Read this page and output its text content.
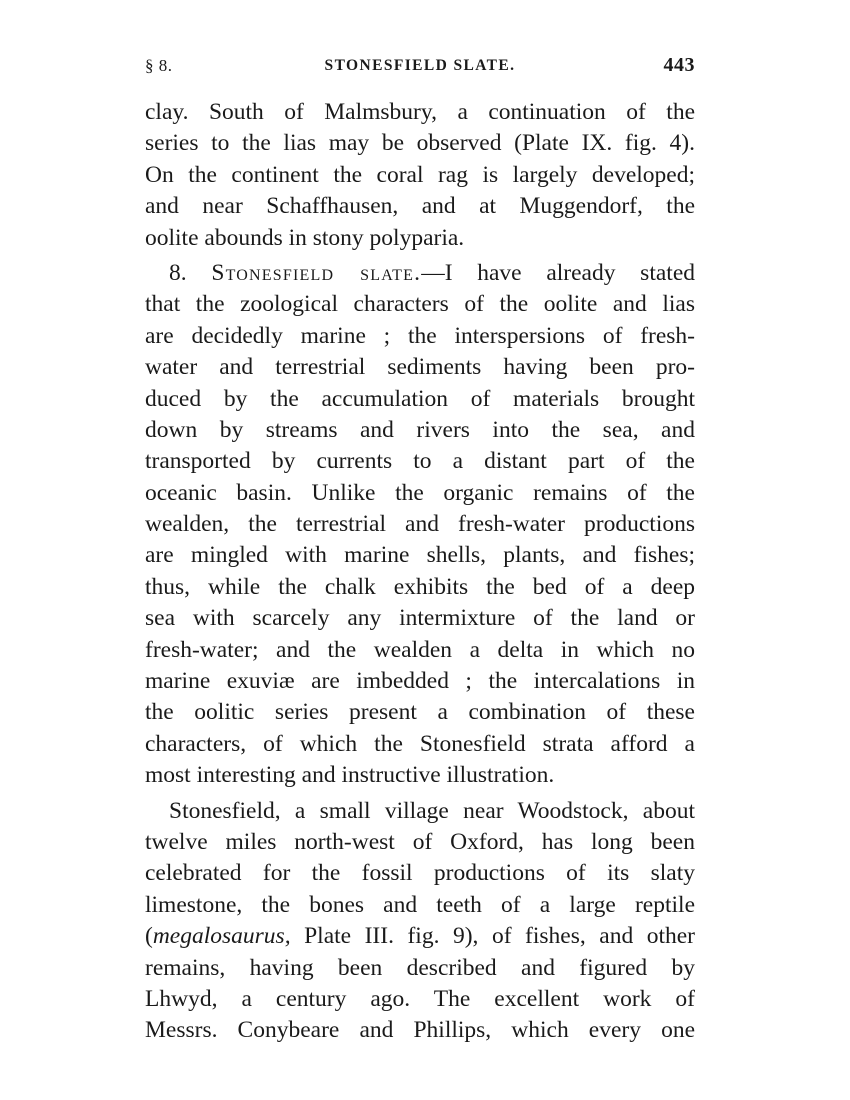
§ 8.	STONESFIELD SLATE.	443
clay. South of Malmsbury, a continuation of the
series to the lias may be observed (Plate IX. fig. 4).
On the continent the coral rag is largely developed;
and near Schaffhausen, and at Muggendorf, the
oolite abounds in stony polyparia.
8. Stonesfield slate.—I have already stated
that the zoological characters of the oolite and lias
are decidedly marine ; the interspersions of fresh-
water and terrestrial sediments having been pro-
duced by the accumulation of materials brought
down by streams and rivers into the sea, and
transported by currents to a distant part of the
oceanic basin. Unlike the organic remains of the
wealden, the terrestrial and fresh-water productions
are mingled with marine shells, plants, and fishes;
thus, while the chalk exhibits the bed of a deep
sea with scarcely any intermixture of the land or
fresh-water; and the wealden a delta in which no
marine exuviæ are imbedded ; the intercalations in
the oolitic series present a combination of these
characters, of which the Stonesfield strata afford a
most interesting and instructive illustration.
Stonesfield, a small village near Woodstock, about
twelve miles north-west of Oxford, has long been
celebrated for the fossil productions of its slaty
limestone, the bones and teeth of a large reptile
(megalosaurus, Plate III. fig. 9), of fishes, and other
remains, having been described and figured by
Lhwyd, a century ago. The excellent work of
Messrs. Conybeare and Phillips, which every one
